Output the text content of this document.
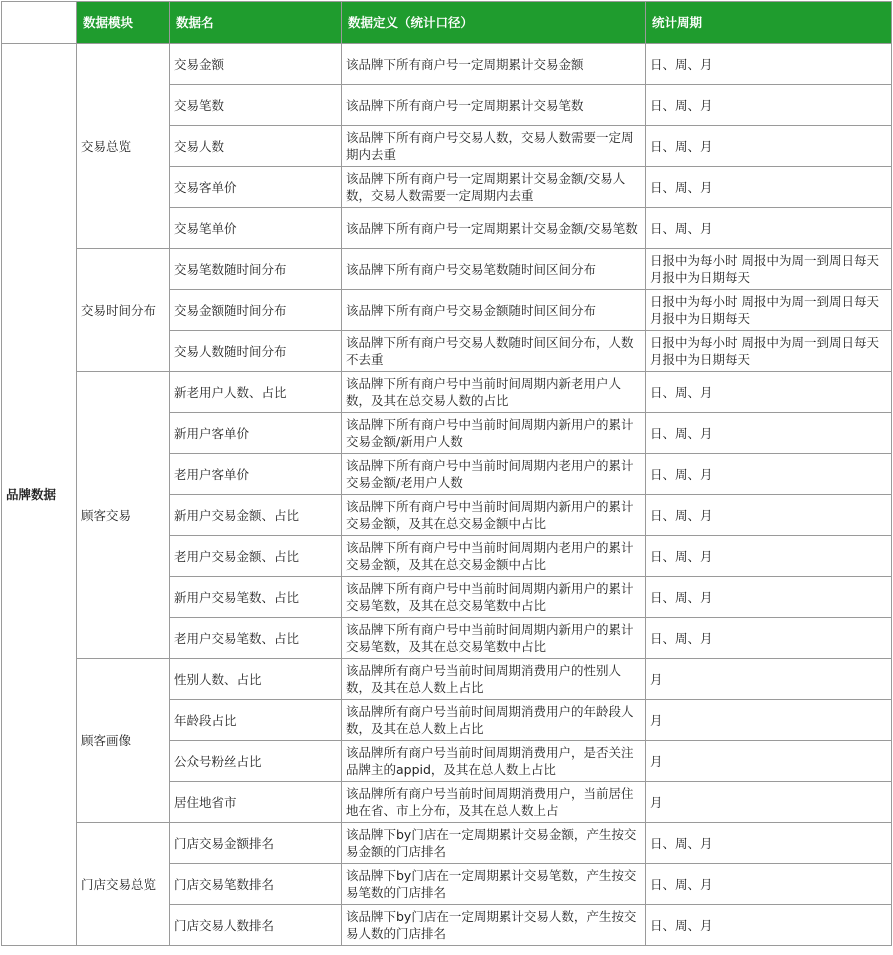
	数据模块	数据名	数据定义（统计口径）	统计周期
品牌数据	交易总览	交易金额	该品牌下所有商户号一定周期累计交易金额	日、周、月
		交易笔数	该品牌下所有商户号一定周期累计交易笔数	日、周、月
		交易人数	该品牌下所有商户号交易人数，交易人数需要一定周期内去重	日、周、月
		交易客单价	该品牌下所有商户号一定周期累计交易金额/交易人数，交易人数需要一定周期内去重	日、周、月
		交易笔单价	该品牌下所有商户号一定周期累计交易金额/交易笔数	日、周、月
	交易时间分布	交易笔数随时间分布	该品牌下所有商户号交易笔数随时间区间分布	日报中为每小时 周报中为周一到周日每天 月报中为日期每天
		交易金额随时间分布	该品牌下所有商户号交易金额随时间区间分布	日报中为每小时 周报中为周一到周日每天 月报中为日期每天
		交易人数随时间分布	该品牌下所有商户号交易人数随时间区间分布，人数不去重	日报中为每小时 周报中为周一到周日每天 月报中为日期每天
	顾客交易	新老用户人数、占比	该品牌下所有商户号中当前时间周期内新老用户人数，及其在总交易人数的占比	日、周、月
		新用户客单价	该品牌下所有商户号中当前时间周期内新用户的累计交易金额/新用户人数	日、周、月
		老用户客单价	该品牌下所有商户号中当前时间周期内老用户的累计交易金额/老用户人数	日、周、月
		新用户交易金额、占比	该品牌下所有商户号中当前时间周期内新用户的累计交易金额，及其在总交易金额中占比	日、周、月
		老用户交易金额、占比	该品牌下所有商户号中当前时间周期内老用户的累计交易金额，及其在总交易金额中占比	日、周、月
		新用户交易笔数、占比	该品牌下所有商户号中当前时间周期内新用户的累计交易笔数，及其在总交易笔数中占比	日、周、月
		老用户交易笔数、占比	该品牌下所有商户号中当前时间周期内新用户的累计交易笔数，及其在总交易笔数中占比	日、周、月
	顾客画像	性别人数、占比	该品牌所有商户号当前时间周期消费用户的性别人数，及其在总人数上占比	月
		年龄段占比	该品牌所有商户号当前时间周期消费用户的年龄段人数，及其在总人数上占比	月
		公众号粉丝占比	该品牌所有商户号当前时间周期消费用户，是否关注品牌主的appid，及其在总人数上占比	月
		居住地省市	该品牌所有商户号当前时间周期消费用户，当前居住地在省、市上分布，及其在总人数上占	月
	门店交易总览	门店交易金额排名	该品牌下by门店在一定周期累计交易金额，产生按交易金额的门店排名	日、周、月
		门店交易笔数排名	该品牌下by门店在一定周期累计交易笔数，产生按交易笔数的门店排名	日、周、月
		门店交易人数排名	该品牌下by门店在一定周期累计交易人数，产生按交易人数的门店排名	日、周、月
